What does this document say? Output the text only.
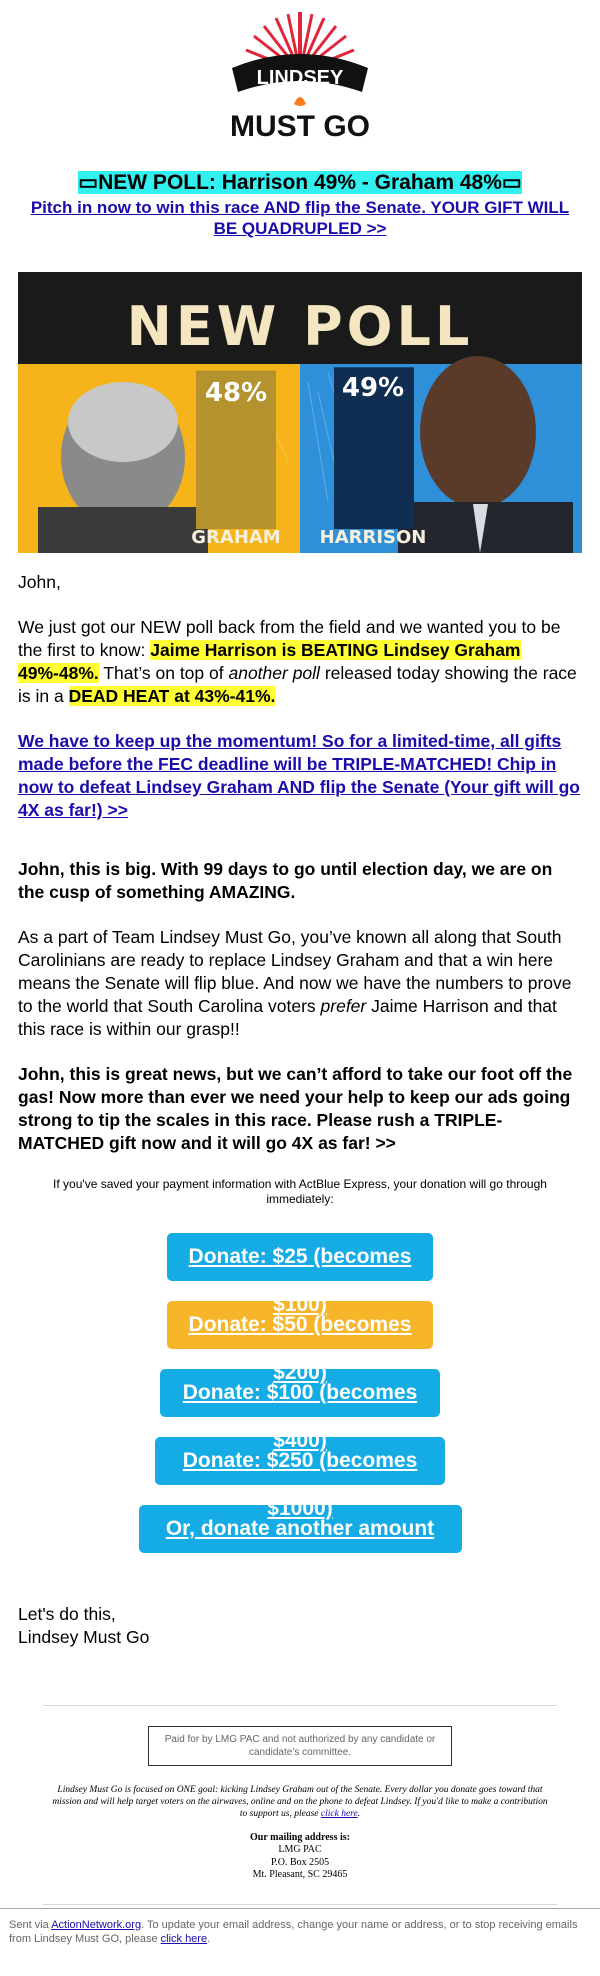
LINDSEY
MUST GO
▭NEW POLL: Harrison 49% - Graham 48%▭
Pitch in now to win this race AND flip the Senate. YOUR GIFT WILL BE QUADRUPLED >>
NEW POLL
48%	49%
GRAHAM HARRISON

John,

We just got our NEW poll back from the field and we wanted you to be the first to know: Jaime Harrison is BEATING Lindsey Graham 49%-48%. That’s on top of another poll released today showing the race is in a DEAD HEAT at 43%-41%.

We have to keep up the momentum! So for a limited-time, all gifts made before the FEC deadline will be TRIPLE-MATCHED! Chip in now to defeat Lindsey Graham AND flip the Senate (Your gift will go 4X as far!) >>

John, this is big. With 99 days to go until election day, we are on the cusp of something AMAZING.

As a part of Team Lindsey Must Go, you’ve known all along that South Carolinians are ready to replace Lindsey Graham and that a win here means the Senate will flip blue. And now we have the numbers to prove to the world that South Carolina voters prefer Jaime Harrison and that this race is within our grasp!!

John, this is great news, but we can’t afford to take our foot off the gas! Now more than ever we need your help to keep our ads going strong to tip the scales in this race. Please rush a TRIPLE-MATCHED gift now and it will go 4X as far! >>

If you've saved your payment information with ActBlue Express, your donation will go through immediately:

Donate: $25 (becomes
Donate: $50 (becomes
Donate: $100 (becomes
Donate: $250 (becomes
Or, donate another amount
Let's do this,
Lindsey Must Go
Paid for by LMG PAC and not authorized by any candidate or candidate’s committee.

Lindsey Must Go is focused on ONE goal: kicking Lindsey Graham out of the Senate. Every dollar you donate goes toward that mission and will help target voters on the airwaves, online and on the phone to defeat Lindsey. If you'd like to make a contribution to support us, please click here.

Our mailing address is:
LMG PAC
P.O. Box 2505
Mt. Pleasant, SC 29465
Sent via ActionNetwork.org. To update your email address, change your name or address, or to stop receiving emails from Lindsey Must GO, please click here.
